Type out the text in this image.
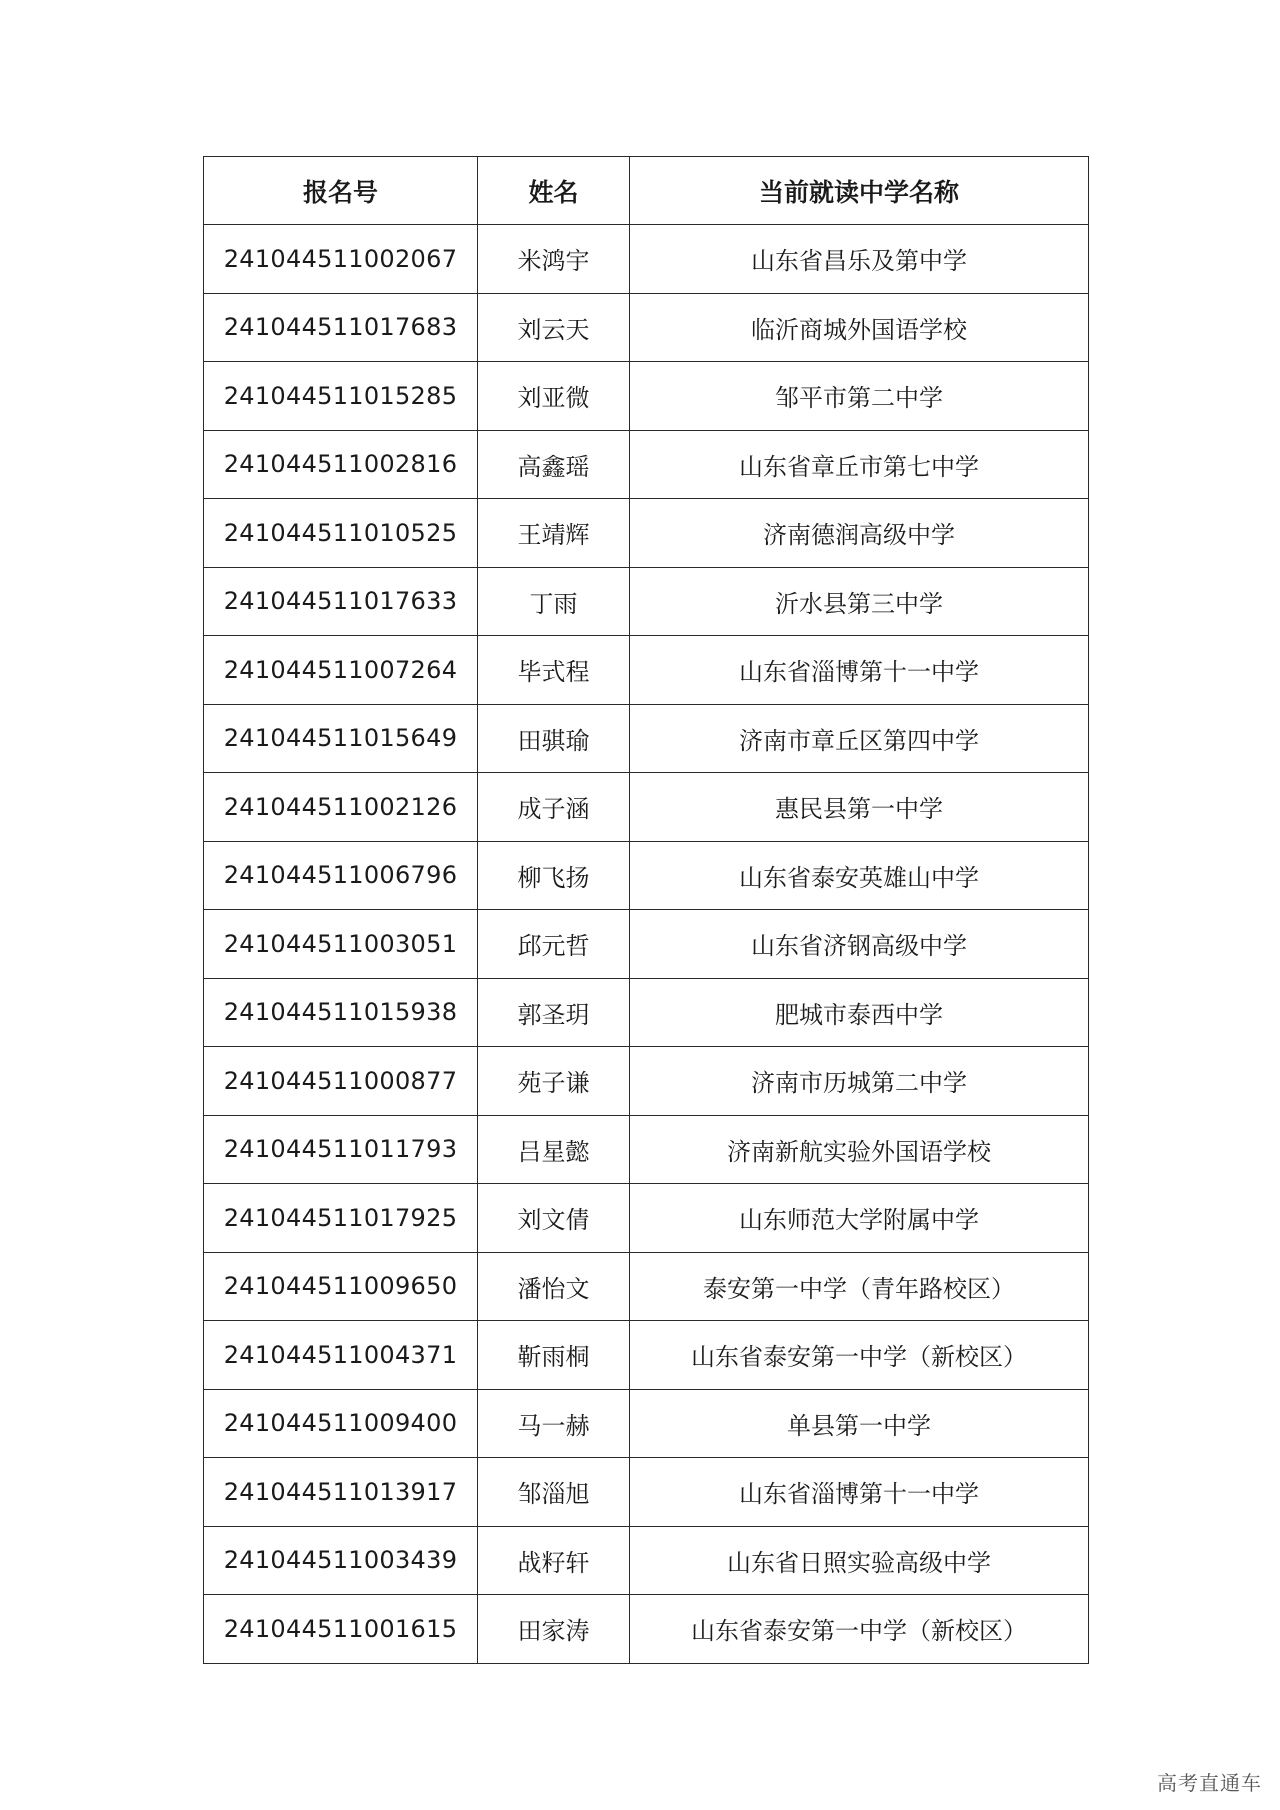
报名号	姓名	当前就读中学名称
241044511002067	米鸿宇	山东省昌乐及第中学
241044511017683	刘云天	临沂商城外国语学校
241044511015285	刘亚微	邹平市第二中学
241044511002816	高鑫瑶	山东省章丘市第七中学
241044511010525	王靖辉	济南德润高级中学
241044511017633	丁雨	沂水县第三中学
241044511007264	毕式程	山东省淄博第十一中学
241044511015649	田骐瑜	济南市章丘区第四中学
241044511002126	成子涵	惠民县第一中学
241044511006796	柳飞扬	山东省泰安英雄山中学
241044511003051	邱元哲	山东省济钢高级中学
241044511015938	郭圣玥	肥城市泰西中学
241044511000877	苑子谦	济南市历城第二中学
241044511011793	吕星懿	济南新航实验外国语学校
241044511017925	刘文倩	山东师范大学附属中学
241044511009650	潘怡文	泰安第一中学（青年路校区）
241044511004371	靳雨桐	山东省泰安第一中学（新校区）
241044511009400	马一赫	单县第一中学
241044511013917	邹淄旭	山东省淄博第十一中学
241044511003439	战籽轩	山东省日照实验高级中学
241044511001615	田家涛	山东省泰安第一中学（新校区）
高考直通车
